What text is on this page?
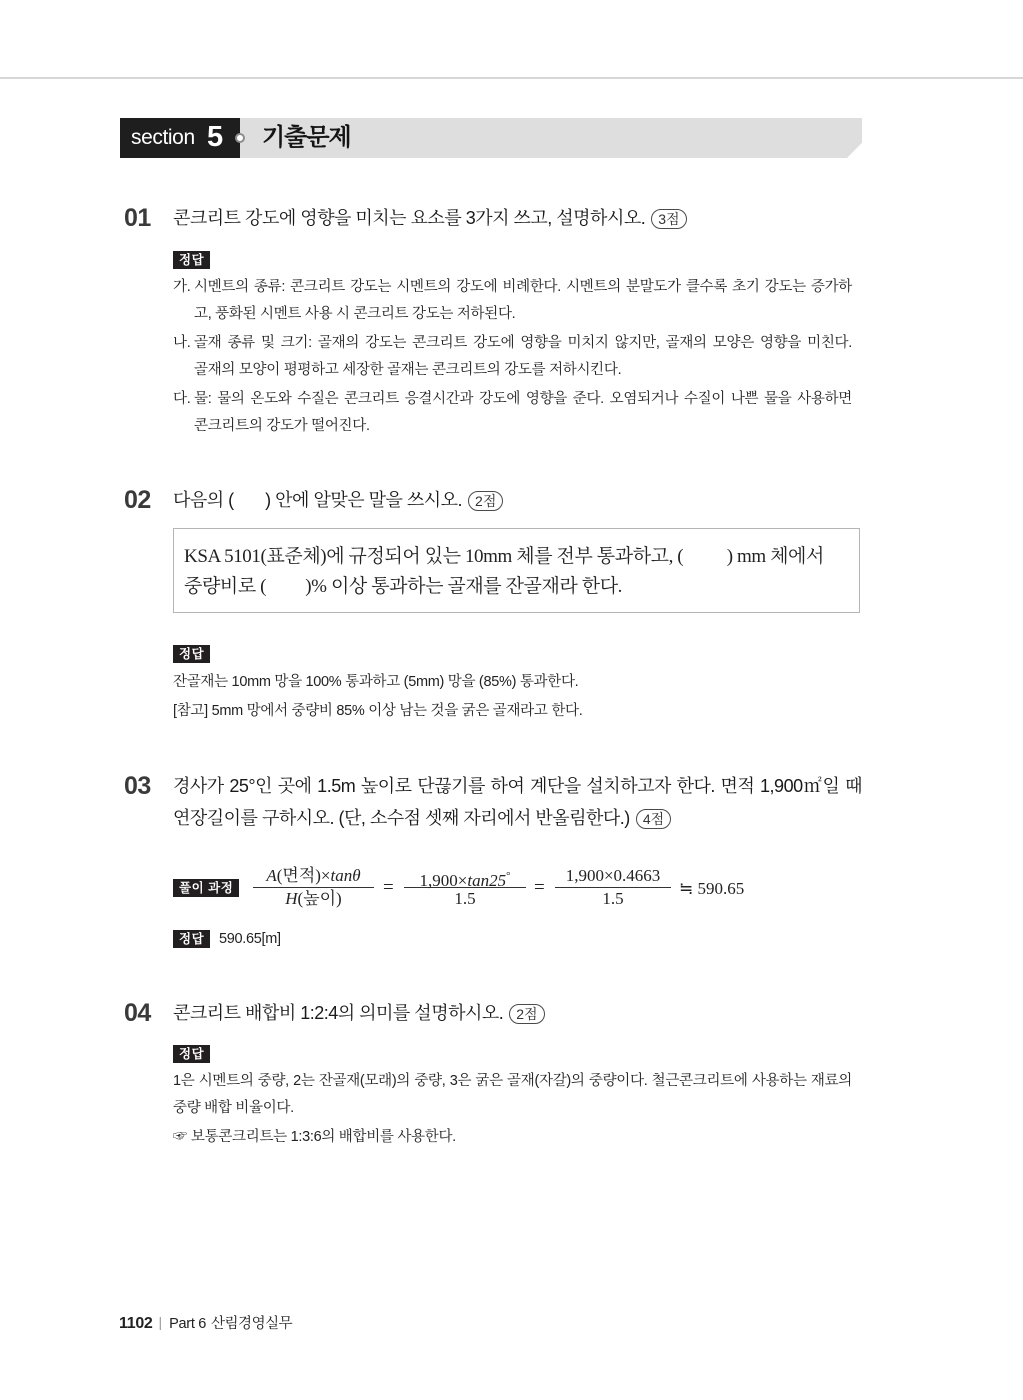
section 5 기출문제
01 콘크리트 강도에 영향을 미치는 요소를 3가지 쓰고, 설명하시오. 3점
정답
가. 시멘트의 종류: 콘크리트 강도는 시멘트의 강도에 비례한다. 시멘트의 분말도가 클수록 초기 강도는 증가하
고, 풍화된 시멘트 사용 시 콘크리트 강도는 저하된다.
나. 골재 종류 및 크기: 골재의 강도는 콘크리트 강도에 영향을 미치지 않지만, 골재의 모양은 영향을 미친다.
골재의 모양이 평평하고 세장한 골재는 콘크리트의 강도를 저하시킨다.
다. 물: 물의 온도와 수질은 콘크리트 응결시간과 강도에 영향을 준다. 오염되거나 수질이 나쁜 물을 사용하면
콘크리트의 강도가 떨어진다.
02 다음의 (       ) 안에 알맞은 말을 쓰시오. 2점
KSA 5101(표준체)에 규정되어 있는 10mm 체를 전부 통과하고, (          ) mm 체에서
중량비로 (         )% 이상 통과하는 골재를 잔골재라 한다.
정답
잔골재는 10mm 망을 100% 통과하고 (5mm) 망을 (85%) 통과한다.
[참고] 5mm 망에서 중량비 85% 이상 남는 것을 굵은 골재라고 한다.
03 경사가 25°인 곳에 1.5m 높이로 단끊기를 하여 계단을 설치하고자 한다. 면적 1,900㎡일 때
연장길이를 구하시오. (단, 소수점 셋째 자리에서 반올림한다.) 4점
풀이 과정
A(면적)×tanθ
H(높이)
= $\frac{1,900\times\tan 25^\circ}{1.5} = \frac{1,900\times 0.4663}{1.5}$ ≒ 590.65
정답	590.65[m]
04 콘크리트 배합비 1:2:4의 의미를 설명하시오. 2점
정답
1은 시멘트의 중량, 2는 잔골재(모래)의 중량, 3은 굵은 골재(자갈)의 중량이다. 철근콘크리트에 사용하는 재료의
중량 배합 비율이다.
☞ 보통콘크리트는 1:3:6의 배합비를 사용한다.
1102 | Part 6 산림경영실무
